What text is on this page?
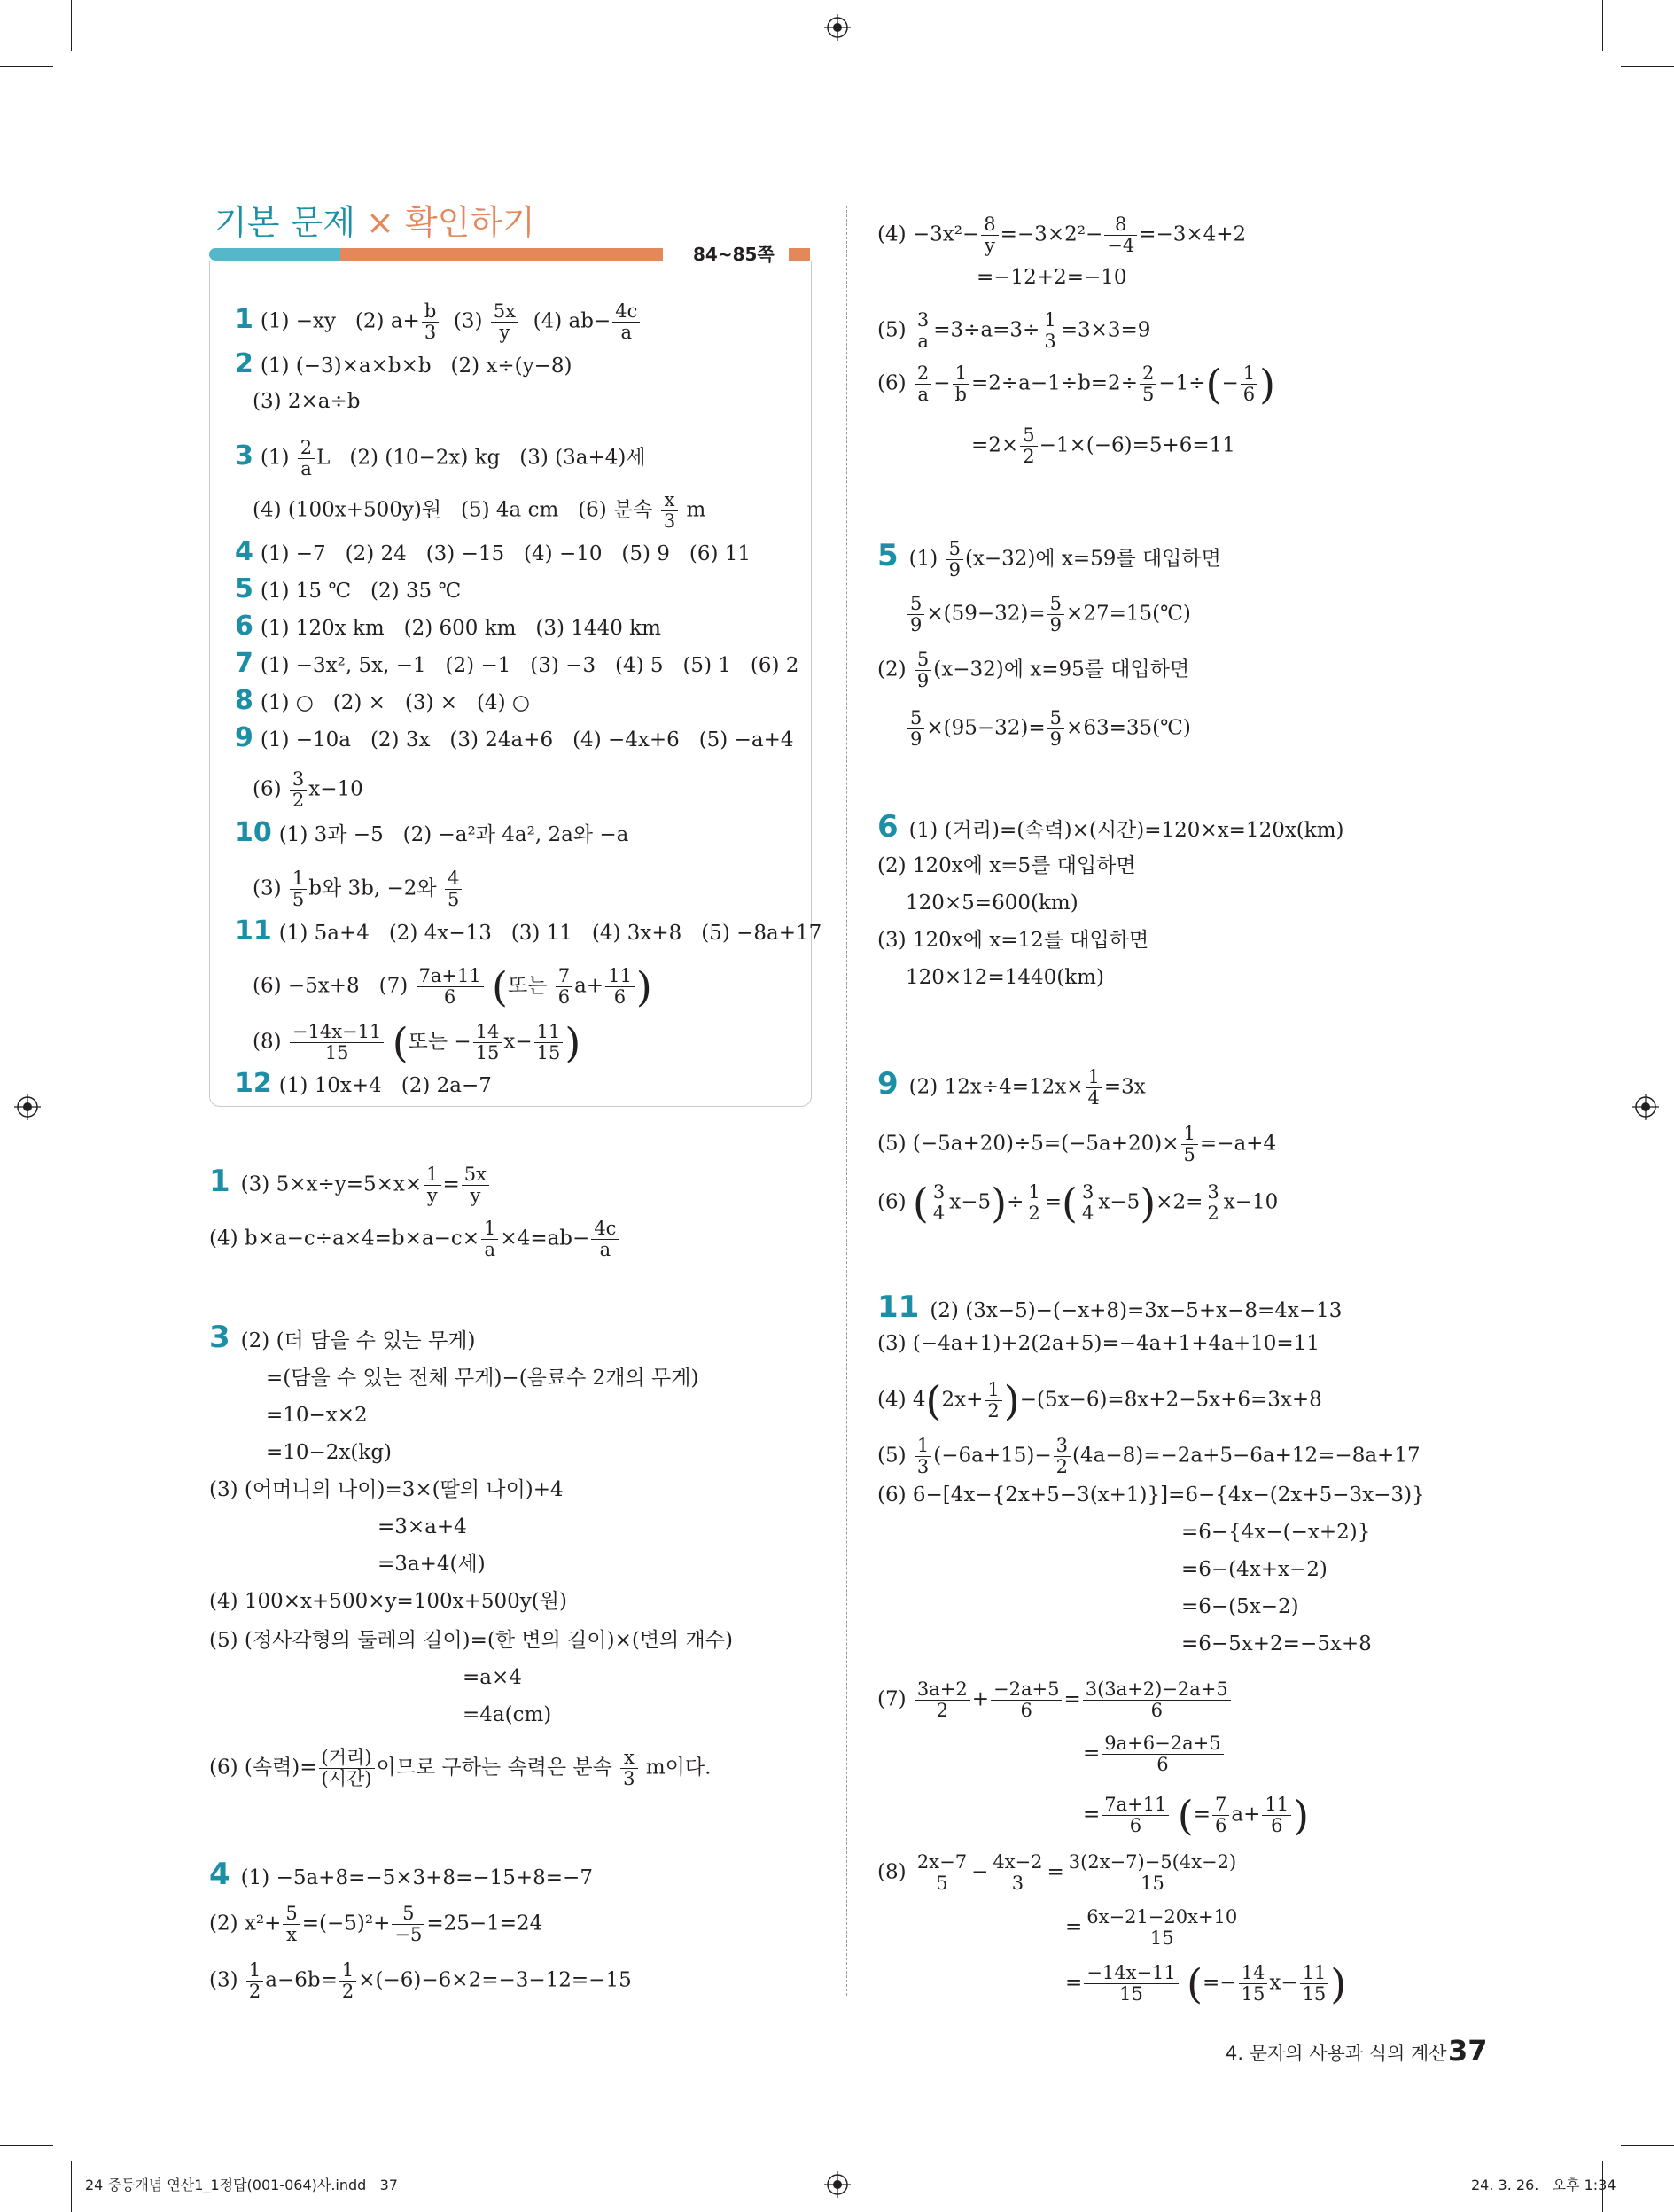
기본 문제 × 확인하기
84~85쪽
1 (1) −xy   (2) $a+ \frac{b}{3} (3) \frac{5x}{y} (4)$ $ab- \frac{4c}{a}$
2 (1) (−3)×a×b×b   (2) x÷(y−8)
(3) 2×a÷b
3 $(1) \frac{2}{a}$ L   (2) (10−2x) kg   (3) (3a+4)세
(4) (100x+500y)원   (5) 4a cm   (6) 분속 $\frac{x}{3}$ m
4 (1) −7   (2) 24   (3) −15   (4) −10   (5) 9   (6) 11
5 (1) 15 ℃   (2) 35 ℃
6 (1) 120x km   (2) 600 km   (3) 1440 km
7 (1) −3x², 5x, −1   (2) −1   (3) −3   (4) 5   (5) 1   (6) 2
8 (1) ○   (2) ×   (3) ×   (4) ○
9 (1) −10a   (2) 3x   (3) 24a+6   (4) −4x+6   (5) −a+4
$(6) \frac{3}{2} x-10$
10 (1) 3과 −5   (2) −a²과 4a², 2a와 −a
$(3) \frac{1}{5}$ b와 3b, −2와 $\frac{4}{5}$
11 (1) 5a+4   (2) 4x−13   (3) 11   (4) 3x+8   (5) −8a+17
(6) −5x+8   $(7) \frac{7a+11}{6}$ (또는 $\frac{7}{6} a+ \frac{11}{6}$ )
$(8) \frac{-14x-11}{15}$ (또는 − $\frac{14}{15} x- \frac{11}{15}$ )
12 (1) 10x+4   (2) 2a−7
1 (3) $5\times x\div y=5\times x\times \frac{1}{y} = \frac{5x}{y}$
(4) $b\times a-c\div a\times 4=b\times a-c\times \frac{1}{a} \times 4=ab- \frac{4c}{a}$
3 (2) (더 담을 수 있는 무게)
=(담을 수 있는 전체 무게)−(음료수 2개의 무게)
=10−x×2
=10−2x(kg)
(3) (어머니의 나이)=3×(딸의 나이)+4
=3×a+4
=3a+4(세)
(4) 100×x+500×y=100x+500y(원)
(5) (정사각형의 둘레의 길이)=(한 변의 길이)×(변의 개수)
=a×4
=4a(cm)
(6) (속력)= $\frac{\text{(거리)}}{\text{(시간)}}$ 이므로 구하는 속력은 분속 $\frac{x}{3}$ m이다.
4 (1) −5a+8=−5×3+8=−15+8=−7
(2) $x^2+ \frac{5}{x} =(-5)^2+ \frac{5}{-5} =25-1=24$
$(3) \frac{1}{2} a-6b= \frac{1}{2} \times(-6)-6\times 2=-3-12=-15$
$(4) -3x^2- \frac{8}{y} =-3\times 2^2- \frac{8}{-4} =-3\times 4+2$
=−12+2=−10
$(5) \frac{3}{a} =3\div a=3\div \frac{1}{3} =3\times 3=9$
$(6) \frac{2}{a} - \frac{1}{b} =2\div a-1\div b=2\div \frac{2}{5} -1\div(- \frac{1}{6}$ )
$=2\times \frac{5}{2} -1\times(-6)=5+6=11$
5 $(1) \frac{5}{9} (x-32)$에 x=59를 대입하면
$\frac{5}{9} \times(59-32)= \frac{5}{9}$ ×27=15(℃)
$(2) \frac{5}{9} (x-32)$에 x=95를 대입하면
$\frac{5}{9} \times(95-32)= \frac{5}{9}$ ×63=35(℃)
6 (1) (거리)=(속력)×(시간)=120×x=120x(km)
(2) 120x에 x=5를 대입하면
120×5=600(km)
(3) 120x에 x=12를 대입하면
120×12=1440(km)
9 (2) $12x\div 4=12x\times \frac{1}{4} =3x$
(5) $(-5a+20)\div 5=(-5a+20)\times \frac{1}{5} =-a+4$
(6) ( $\frac{3}{4} x-5)\div \frac{1}{2}$ =( $\frac{3}{4} x-5)\times 2= \frac{3}{2} x-10$
11 (2) (3x−5)−(−x+8)=3x−5+x−8=4x−13
(3) (−4a+1)+2(2a+5)=−4a+1+4a+10=11
(4) $4(2x+ \frac{1}{2} )-(5x-6)=8x+2-5x+6=3x+8$
$(5) \frac{1}{3} (-6a+15)- \frac{3}{2} (4a-8)=-2a+5-6a+12=-8a+17$
(6) 6−[4x−{2x+5−3(x+1)}]=6−{4x−(2x+5−3x−3)}
=6−{4x−(−x+2)}
=6−(4x+x−2)
=6−(5x−2)
=6−5x+2=−5x+8
$(7) \frac{3a+2}{2} + \frac{-2a+5}{6} = \frac{3(3a+2)-2a+5}{6}$
= $\frac{9a+6-2a+5}{6}$
= $\frac{7a+11}{6}$ (= $\frac{7}{6} a+ \frac{11}{6}$ )
$(8) \frac{2x-7}{5} - \frac{4x-2}{3} = \frac{3(2x-7)-5(4x-2)}{15}$
= $\frac{6x-21-20x+10}{15}$
= $\frac{-14x-11}{15}$ (=− $\frac{14}{15} x- \frac{11}{15}$ )
4. 문자의 사용과 식의 계산 37
24 중등개념 연산1_1정답(001-064)사.indd   37	24. 3. 26.   오후 1:34
